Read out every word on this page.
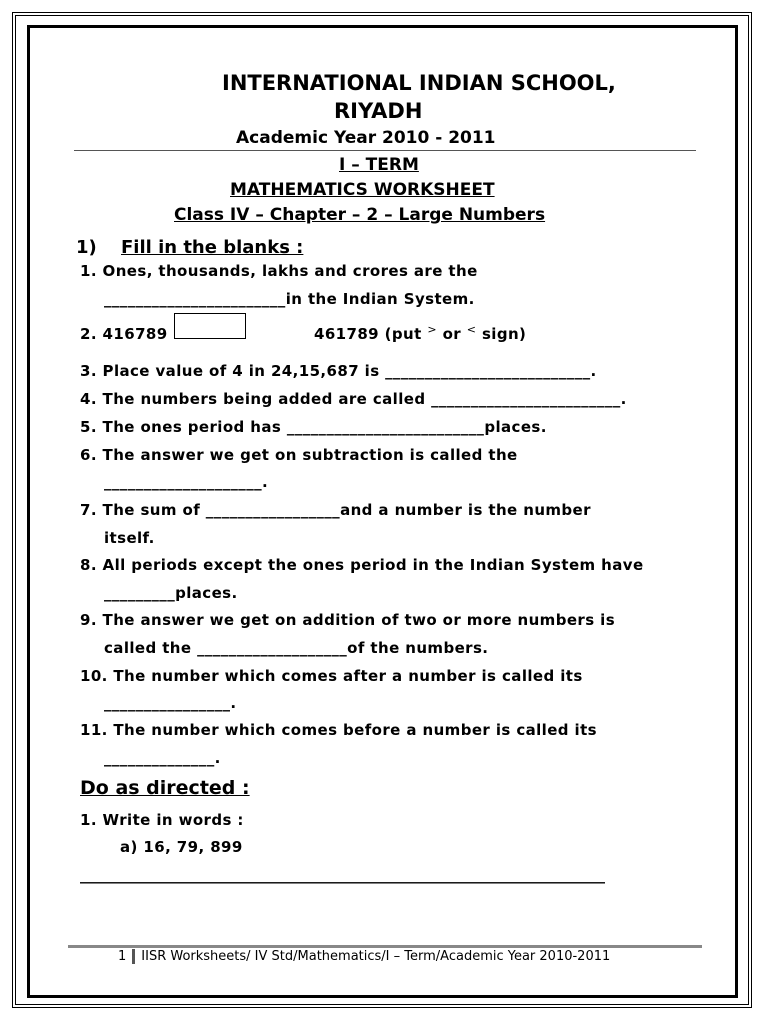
INTERNATIONAL INDIAN SCHOOL,
RIYADH
Academic Year 2010 - 2011
I – TERM
MATHEMATICS WORKSHEET
Class IV – Chapter – 2 – Large Numbers
1) Fill in the blanks :
1. Ones, thousands, lakhs and crores are the
_______________________in the Indian System.
2. 416789	461789 (put > or < sign)
3. Place value of 4 in 24,15,687 is __________________________.
4. The numbers being added are called ________________________.
5. The ones period has _________________________places.
6. The answer we get on subtraction is called the
____________________.
7. The sum of _________________and a number is the number
itself.
8. All periods except the ones period in the Indian System have
_________places.
9. The answer we get on addition of two or more numbers is
called the ___________________of the numbers.
10. The number which comes after a number is called its
________________.
11. The number which comes before a number is called its
______________.
Do as directed :
1. Write in words :
a) 16, 79, 899
______________________________________________________________________
1 IISR Worksheets/ IV Std/Mathematics/I – Term/Academic Year 2010-2011
